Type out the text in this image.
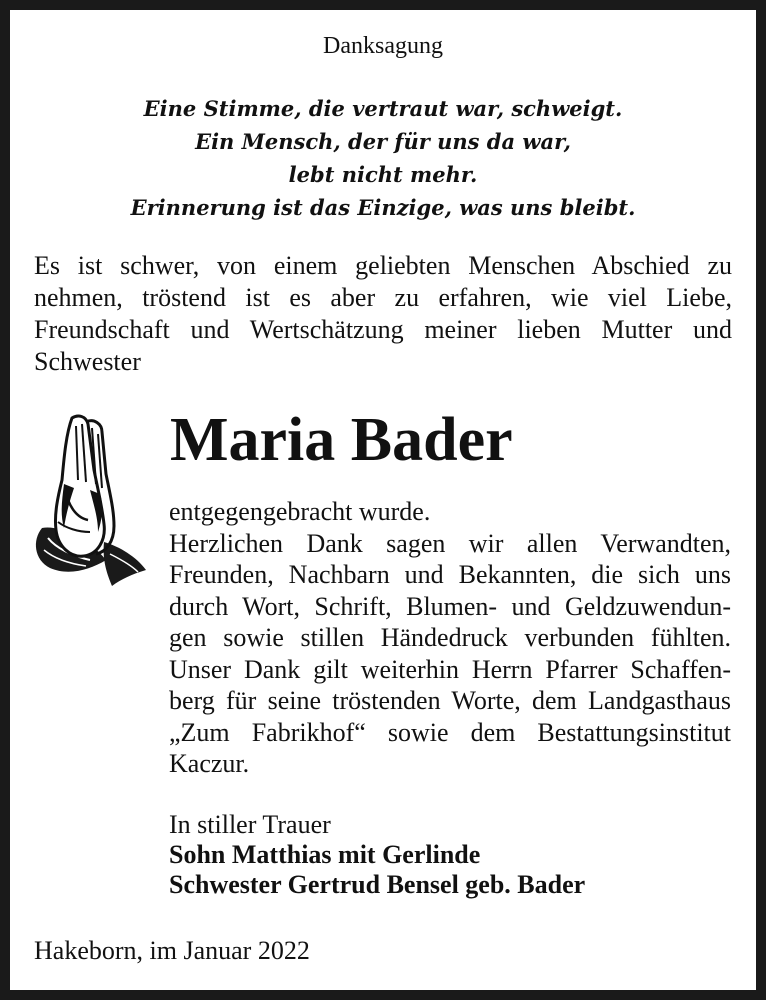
Danksagung
Eine Stimme, die vertraut war, schweigt.
Ein Mensch, der für uns da war,
lebt nicht mehr.
Erinnerung ist das Einzige, was uns bleibt.
Es ist schwer, von einem geliebten Menschen Abschied zu
nehmen, tröstend ist es aber zu erfahren, wie viel Liebe,
Freundschaft und Wertschätzung meiner lieben Mutter und
Schwester
Maria Bader
entgegengebracht wurde.
Herzlichen Dank sagen wir allen Verwandten,
Freunden, Nachbarn und Bekannten, die sich uns
durch Wort, Schrift, Blumen- und Geldzuwendun-
gen sowie stillen Händedruck verbunden fühlten.
Unser Dank gilt weiterhin Herrn Pfarrer Schaffen-
berg für seine tröstenden Worte, dem Landgasthaus
„Zum Fabrikhof“ sowie dem Bestattungsinstitut
Kaczur.
In stiller Trauer
Sohn Matthias mit Gerlinde
Schwester Gertrud Bensel geb. Bader
Hakeborn, im Januar 2022
